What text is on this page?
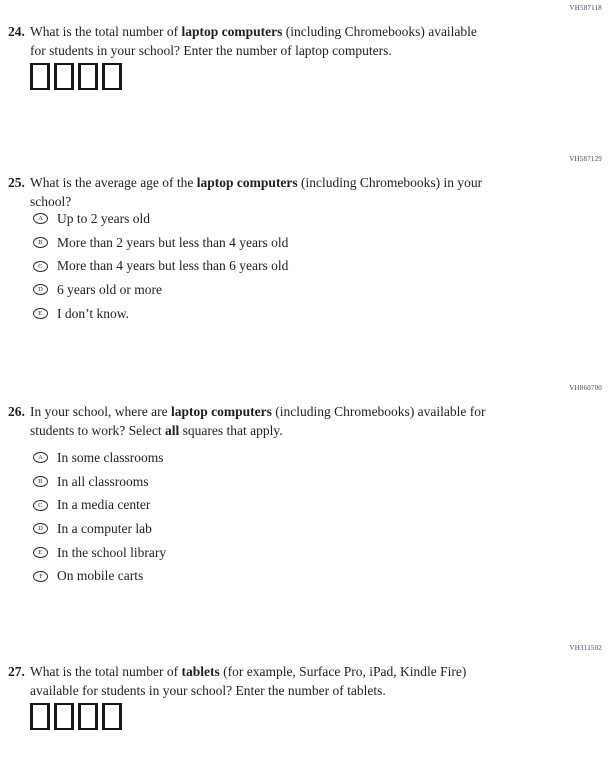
VH587118
24. What is the total number of laptop computers (including Chromebooks) available
for students in your school? Enter the number of laptop computers.
VH587129
25. What is the average age of the laptop computers (including Chromebooks) in your
school?
A Up to 2 years old
B More than 2 years but less than 4 years old
C More than 4 years but less than 6 years old
D 6 years old or more
E I don’t know.
VH860700
26. In your school, where are laptop computers (including Chromebooks) available for
students to work? Select all squares that apply.
A In some classrooms
B In all classrooms
C In a media center
D In a computer lab
E In the school library
F On mobile carts
VH311502
27. What is the total number of tablets (for example, Surface Pro, iPad, Kindle Fire)
available for students in your school? Enter the number of tablets.
